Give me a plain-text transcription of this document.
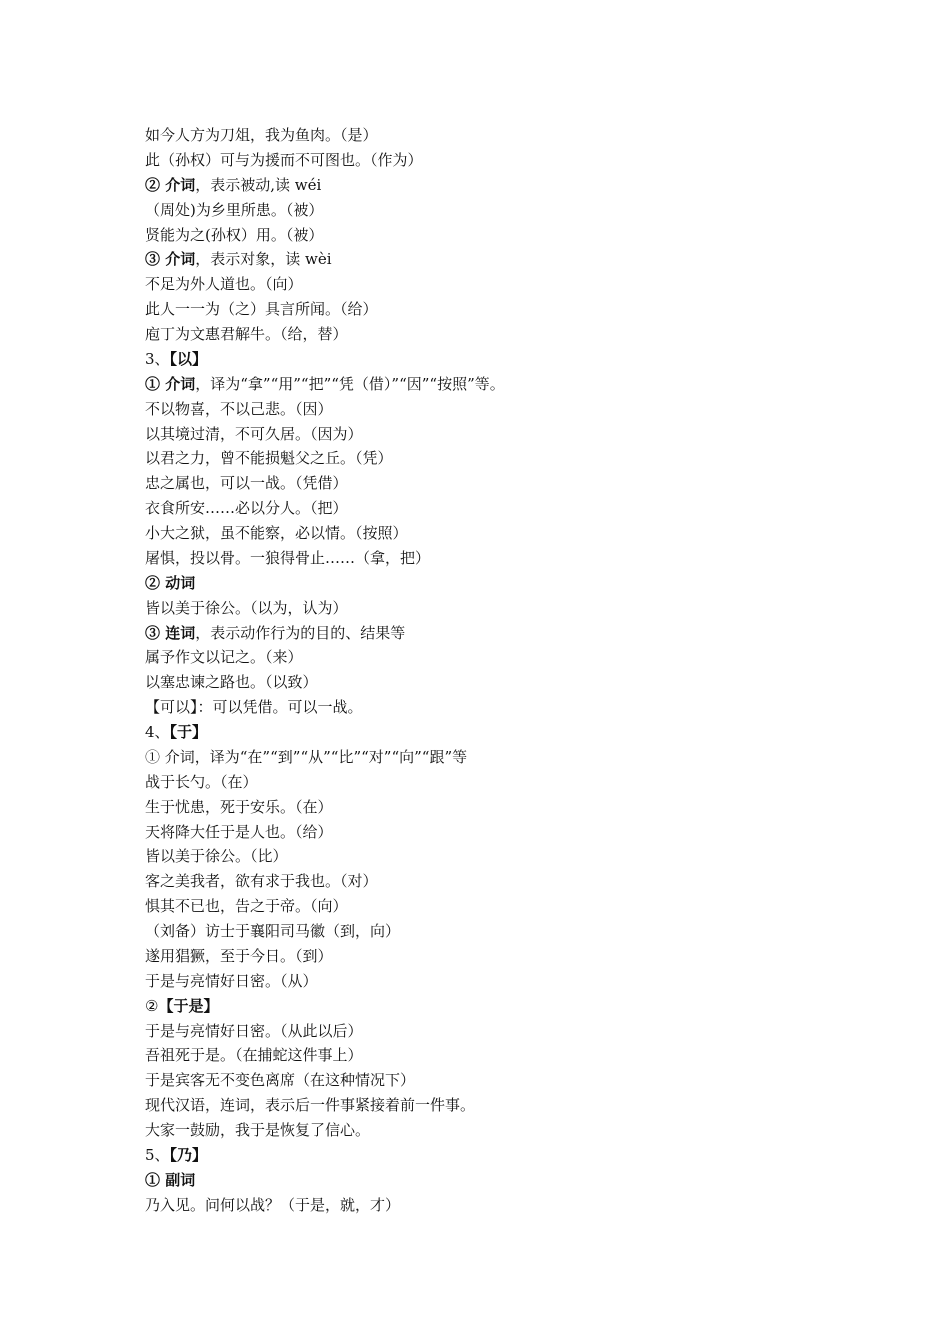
如今人方为刀俎，我为鱼肉。（是）
此（孙权）可与为援而不可图也。（作为）
② 介词，表示被动,读 wéi
（周处)为乡里所患。（被）
贤能为之(孙权）用。（被）
③ 介词，表示对象，读 wèi
不足为外人道也。（向）
此人一一为（之）具言所闻。（给）
庖丁为文惠君解牛。（给，替）
3、【以】
① 介词，译为“拿”“用”“把”“凭（借）”“因”“按照”等。
不以物喜，不以己悲。（因）
以其境过清，不可久居。（因为）
以君之力，曾不能损魁父之丘。（凭）
忠之属也，可以一战。（凭借）
衣食所安……必以分人。（把）
小大之狱，虽不能察，必以情。（按照）
屠惧，投以骨。一狼得骨止……（拿，把）
② 动词
皆以美于徐公。（以为，认为）
③ 连词，表示动作行为的目的、结果等
属予作文以记之。（来）
以塞忠谏之路也。（以致）
【可以】：可以凭借。可以一战。
4、【于】
① 介词，译为“在”“到”“从”“比”“对”“向”“跟”等
战于长勺。（在）
生于忧患，死于安乐。（在）
天将降大任于是人也。（给）
皆以美于徐公。（比）
客之美我者，欲有求于我也。（对）
惧其不已也，告之于帝。（向）
（刘备）访士于襄阳司马徽（到，向）
遂用猖獗，至于今日。（到）
于是与亮情好日密。（从）
②【于是】
于是与亮情好日密。（从此以后）
吾祖死于是。（在捕蛇这件事上）
于是宾客无不变色离席（在这种情况下）
现代汉语，连词，表示后一件事紧接着前一件事。
大家一鼓励，我于是恢复了信心。
5、【乃】
① 副词
乃入见。问何以战？（于是，就，才）
